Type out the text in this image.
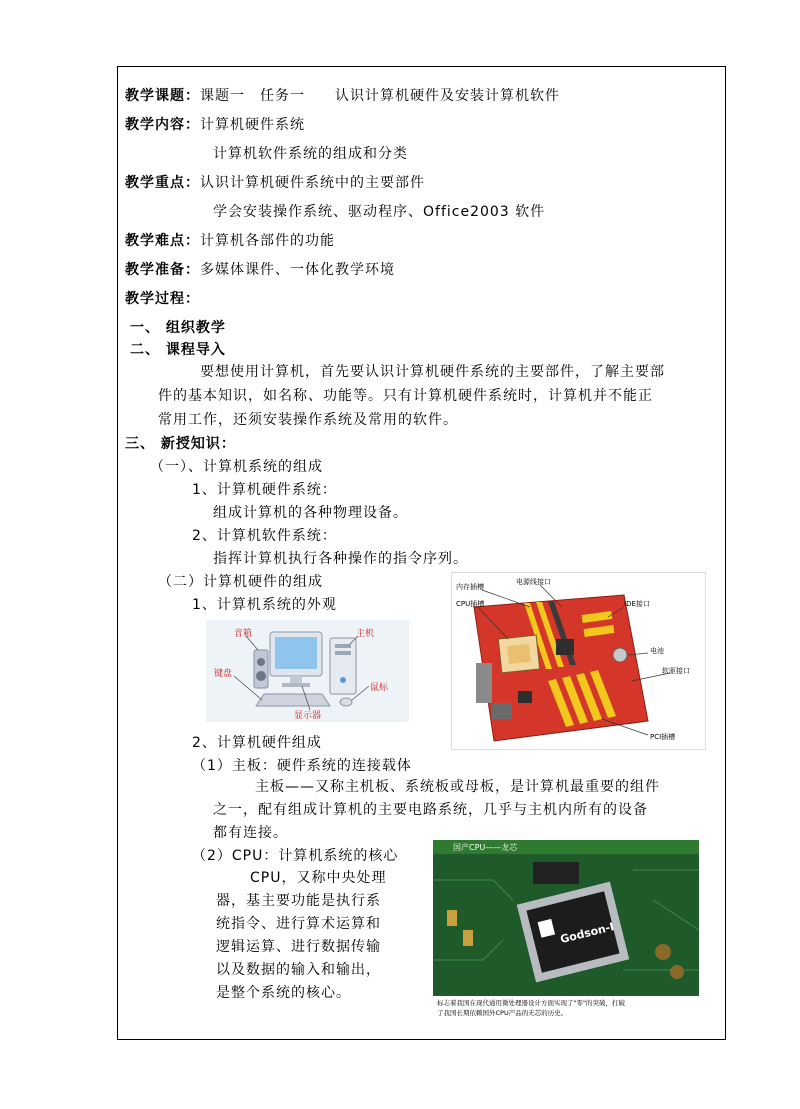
教学课题：课题一　任务一　　认识计算机硬件及安装计算机软件
教学内容：计算机硬件系统
计算机软件系统的组成和分类
教学重点：认识计算机硬件系统中的主要部件
学会安装操作系统、驱动程序、Office2003 软件
教学难点：计算机各部件的功能
教学准备：多媒体课件、一体化教学环境
教学过程：
一、 组织教学
二、 课程导入
要想使用计算机，首先要认识计算机硬件系统的主要部件，了解主要部
件的基本知识，如名称、功能等。只有计算机硬件系统时，计算机并不能正
常用工作，还须安装操作系统及常用的软件。
三、 新授知识：
（一）、计算机系统的组成
1、计算机硬件系统：
组成计算机的各种物理设备。
2、计算机软件系统：
指挥计算机执行各种操作的指令序列。
（二）计算机硬件的组成
1、计算机系统的外观
音箱	主机
键盘
鼠标
显示器
内存插槽
电源线接口
CPU插槽	IDE接口
电池
软驱接口
PCI插槽
2、计算机硬件组成
（1）主板：硬件系统的连接载体
主板——又称主机板、系统板或母板，是计算机最重要的组件
之一，配有组成计算机的主要电路系统，几乎与主机内所有的设备
都有连接。
（2）CPU：计算机系统的核心
CPU，又称中央处理
器，基主要功能是执行系
统指令、进行算术运算和
逻辑运算、进行数据传输
以及数据的输入和输出，
是整个系统的核心。
国产CPU——龙芯
Godson-I
标志着我国在现代通用微处理器设计方面实现了"零"的突破，打破
了我国长期依赖国外CPU产品的无芯的历史。
